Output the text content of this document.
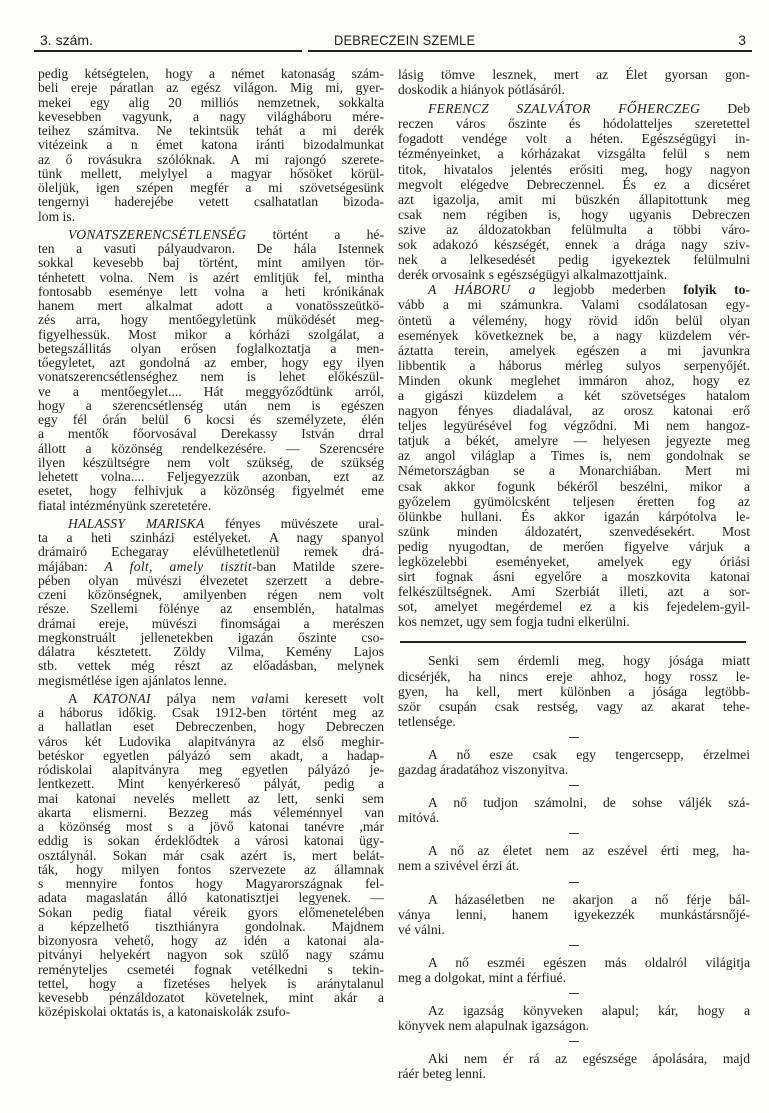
3. szám.	DEBRECZEIN SZEMLE	3
pedig kétségtelen, hogy a német katonaság szám-
beli ereje páratlan az egész világon. Mig mi, gyer-
mekei egy alig 20 milliós nemzetnek, sokkalta
kevesebben vagyunk, a nagy világháboru mére-
teihez számitva. Ne tekintsük tehát a mi derék
vitézeink a n émet katona iránti bizodalmunkat
az ő rovásukra szólóknak. A mi rajongó szerete-
tünk mellett, melylyel a magyar hősöket körül-
öleljük, igen szépen megfér a mi szövetségesünk
tengernyi haderejébe vetett csalhatatlan bizoda-
lom is.
VONATSZERENCSÉTLENSÉG történt a hé-
ten a vasuti pályaudvaron. De hála Istennek
sokkal kevesebb baj történt, mint amilyen tör-
ténhetett volna. Nem is azért emlitjük fel, mintha
fontosabb eseménye lett volna a heti krónikának
hanem mert alkalmat adott a vonatösszeütkö-
zés arra, hogy mentőegyletünk müködését meg-
figyelhessük. Most mikor a kórházi szolgálat, a
betegszállitás olyan erősen foglalkoztatja a men-
tőegyletet, azt gondolná az ember, hogy egy ilyen
vonatszerencsétlenséghez nem is lehet előkészül-
ve a mentőegylet.... Hát meggyőződtünk arról,
hogy a szerencsétlenség után nem is egészen
egy fél órán belül 6 kocsi és személyzete, élén
a mentők főorvosával Derekassy István drral
állott a közönség rendelkezésére. — Szerencsére
ilyen készültségre nem volt szükség, de szükség
lehetett volna.... Feljegyezzük azonban, ezt az
esetet, hogy felhivjuk a közönség figyelmét eme
fiatal intézményünk szeretetére.
HALASSY MARISKA fényes müvészete ural-
ta a heti szinházi estélyeket. A nagy spanyol
drámairó Echegaray elévülhetetlenül remek drá-
májában: A folt, amely tisztit-ban Matilde szere-
pében olyan müvészi élvezetet szerzett a debre-
czeni közönségnek, amilyenben régen nem volt
része. Szellemi fölénye az ensemblén, hatalmas
drámai ereje, müvészi finomságai a merészen
megkonstruált jellenetekben igazán őszinte cso-
dálatra késztetett. Zöldy Vilma, Kemény Lajos
stb. vettek még részt az előadásban, melynek
megismétlése igen ajánlatos lenne.
A KATONAI pálya nem valami keresett volt
a háborus időkig. Csak 1912-ben történt meg az
a hallatlan eset Debreczenben, hogy Debreczen
város két Ludovika alapitványra az első meghir-
betéskor egyetlen pályázó sem akadt, a hadap-
ródiskolai alapitványra meg egyetlen pályázó je-
lentkezett. Mint kenyérkereső pályát, pedig a
mai katonai nevelés mellett az lett, senki sem
akarta elismerni. Bezzeg más véleménnyel van
a közönség most s a jövő katonai tanévre ,már
eddig is sokan érdeklődtek a városi katonai ügy-
osztálynál. Sokan már csak azért is, mert belát-
ták, hogy milyen fontos szervezete az államnak
s mennyire fontos hogy Magyarországnak fel-
adata magaslatán álló katonatisztjei legyenek. —
Sokan pedig fiatal véreik gyors előmenetelében
a képzelhető tiszthiányra gondolnak. Majdnem
bizonyosra vehető, hogy az idén a katonai ala-
pitványi helyekért nagyon sok szülő nagy számu
reményteljes csemetéi fognak vetélkedni s tekin-
tettel, hogy a fizetéses helyek is aránytalanul
kevesebb pénzáldozatot követelnek, mint akár a
középiskolai oktatás is, a katonaiskolák zsufo-
lásig tömve lesznek, mert az Élet gyorsan gon-
doskodik a hiányok pótlásáról.
FERENCZ SZALVÁTOR FŐHERCZEG Deb
reczen város őszinte és hódolatteljes szeretettel
fogadott vendége volt a héten. Egészségügyi in-
tézményeinket, a kórházakat vizsgálta felül s nem
titok, hivatalos jelentés erősiti meg, hogy nagyon
megvolt elégedve Debreczennel. És ez a dicséret
azt igazolja, amit mi büszkén állapitottunk meg
csak nem régiben is, hogy ugyanis Debreczen
szive az áldozatokban felülmulta a többi váro-
sok adakozó készségét, ennek a drága nagy sziv-
nek a lelkesedését pedig igyekeztek felülmulni
derék orvosaink s egészségügyi alkalmazottjaink.
A HÁBORU a legjobb mederben folyik to-
vább a mi számunkra. Valami csodálatosan egy-
öntetü a vélemény, hogy rövid időn belül olyan
események következnek be, a nagy küzdelem vér-
áztatta terein, amelyek egészen a mi javunkra
libbentik a háborus mérleg sulyos serpenyőjét.
Minden okunk meglehet immáron ahoz, hogy ez
a gigászi küzdelem a két szövetséges hatalom
nagyon fényes diadalával, az orosz katonai erő
teljes legyürésével fog végződni. Mi nem hangoz-
tatjuk a békét, amelyre — helyesen jegyezte meg
az angol világlap a Times is, nem gondolnak se
Németországban se a Monarchiában. Mert mi
csak akkor fogunk békéről beszélni, mikor a
győzelem gyümölcsként teljesen éretten fog az
ölünkbe hullani. És akkor igazán kárpótolva le-
szünk minden áldozatért, szenvedésekért. Most
pedig nyugodtan, de merően figyelve várjuk a
legközelebbi eseményeket, amelyek egy óriási
sirt fognak ásni egyelőre a moszkovita katonai
felkészültségnek. Ami Szerbiát illeti, azt a sor-
sot, amelyet megérdemel ez a kis fejedelem-gyil-
kos nemzet, ugy sem fogja tudni elkerülni.
Senki sem érdemli meg, hogy jósága miatt
dicsérjék, ha nincs ereje ahhoz, hogy rossz le-
gyen, ha kell, mert különben a jósága legtöbb-
ször csupán csak restség, vagy az akarat tehe-
tetlensége.
A nő esze csak egy tengercsepp, érzelmei
gazdag áradatához viszonyitva.
A nő tudjon számolni, de sohse váljék szá-
mitóvá.
A nő az életet nem az eszével érti meg, ha-
nem a szivével érzi át.
A házaséletben ne akarjon a nő férje bál-
ványa lenni, hanem igyekezzék munkástársnőjé-
vé válni.
A nő eszméi egészen más oldalról világitja
meg a dolgokat, mint a férfiué.
Az igazság könyveken alapul; kár, hogy a
könyvek nem alapulnak igazságon.
Aki nem ér rá az egészsége ápolására, majd
ráér beteg lenni.
